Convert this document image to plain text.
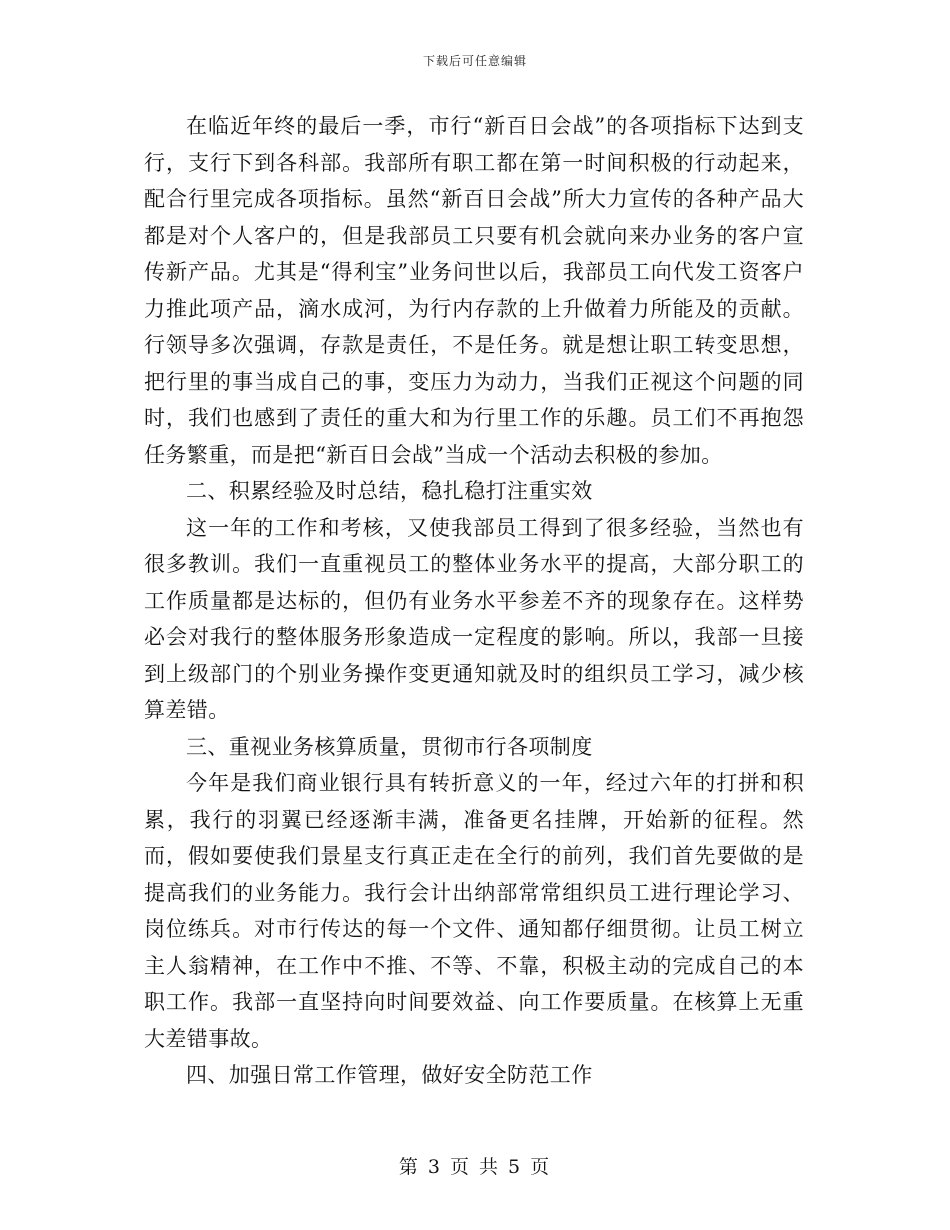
下载后可任意编辑

在临近年终的最后一季，市行“新百日会战”的各项指标下达到支行，支行下到各科部。我部所有职工都在第一时间积极的行动起来，配合行里完成各项指标。虽然“新百日会战”所大力宣传的各种产品大都是对个人客户的，但是我部员工只要有机会就向来办业务的客户宣传新产品。尤其是“得利宝”业务问世以后，我部员工向代发工资客户力推此项产品，滴水成河，为行内存款的上升做着力所能及的贡献。行领导多次强调，存款是责任，不是任务。就是想让职工转变思想，把行里的事当成自己的事，变压力为动力，当我们正视这个问题的同时，我们也感到了责任的重大和为行里工作的乐趣。员工们不再抱怨任务繁重，而是把“新百日会战”当成一个活动去积极的参加。

二、积累经验及时总结，稳扎稳打注重实效

这一年的工作和考核，又使我部员工得到了很多经验，当然也有很多教训。我们一直重视员工的整体业务水平的提高，大部分职工的工作质量都是达标的，但仍有业务水平参差不齐的现象存在。这样势必会对我行的整体服务形象造成一定程度的影响。所以，我部一旦接到上级部门的个别业务操作变更通知就及时的组织员工学习，减少核算差错。

三、重视业务核算质量，贯彻市行各项制度

今年是我们商业银行具有转折意义的一年，经过六年的打拼和积累，我行的羽翼已经逐渐丰满，准备更名挂牌，开始新的征程。然而，假如要使我们景星支行真正走在全行的前列，我们首先要做的是提高我们的业务能力。我行会计出纳部常常组织员工进行理论学习、岗位练兵。对市行传达的每一个文件、通知都仔细贯彻。让员工树立主人翁精神，在工作中不推、不等、不靠，积极主动的完成自己的本职工作。我部一直坚持向时间要效益、向工作要质量。在核算上无重大差错事故。

四、加强日常工作管理，做好安全防范工作

第 3 页 共 5 页
